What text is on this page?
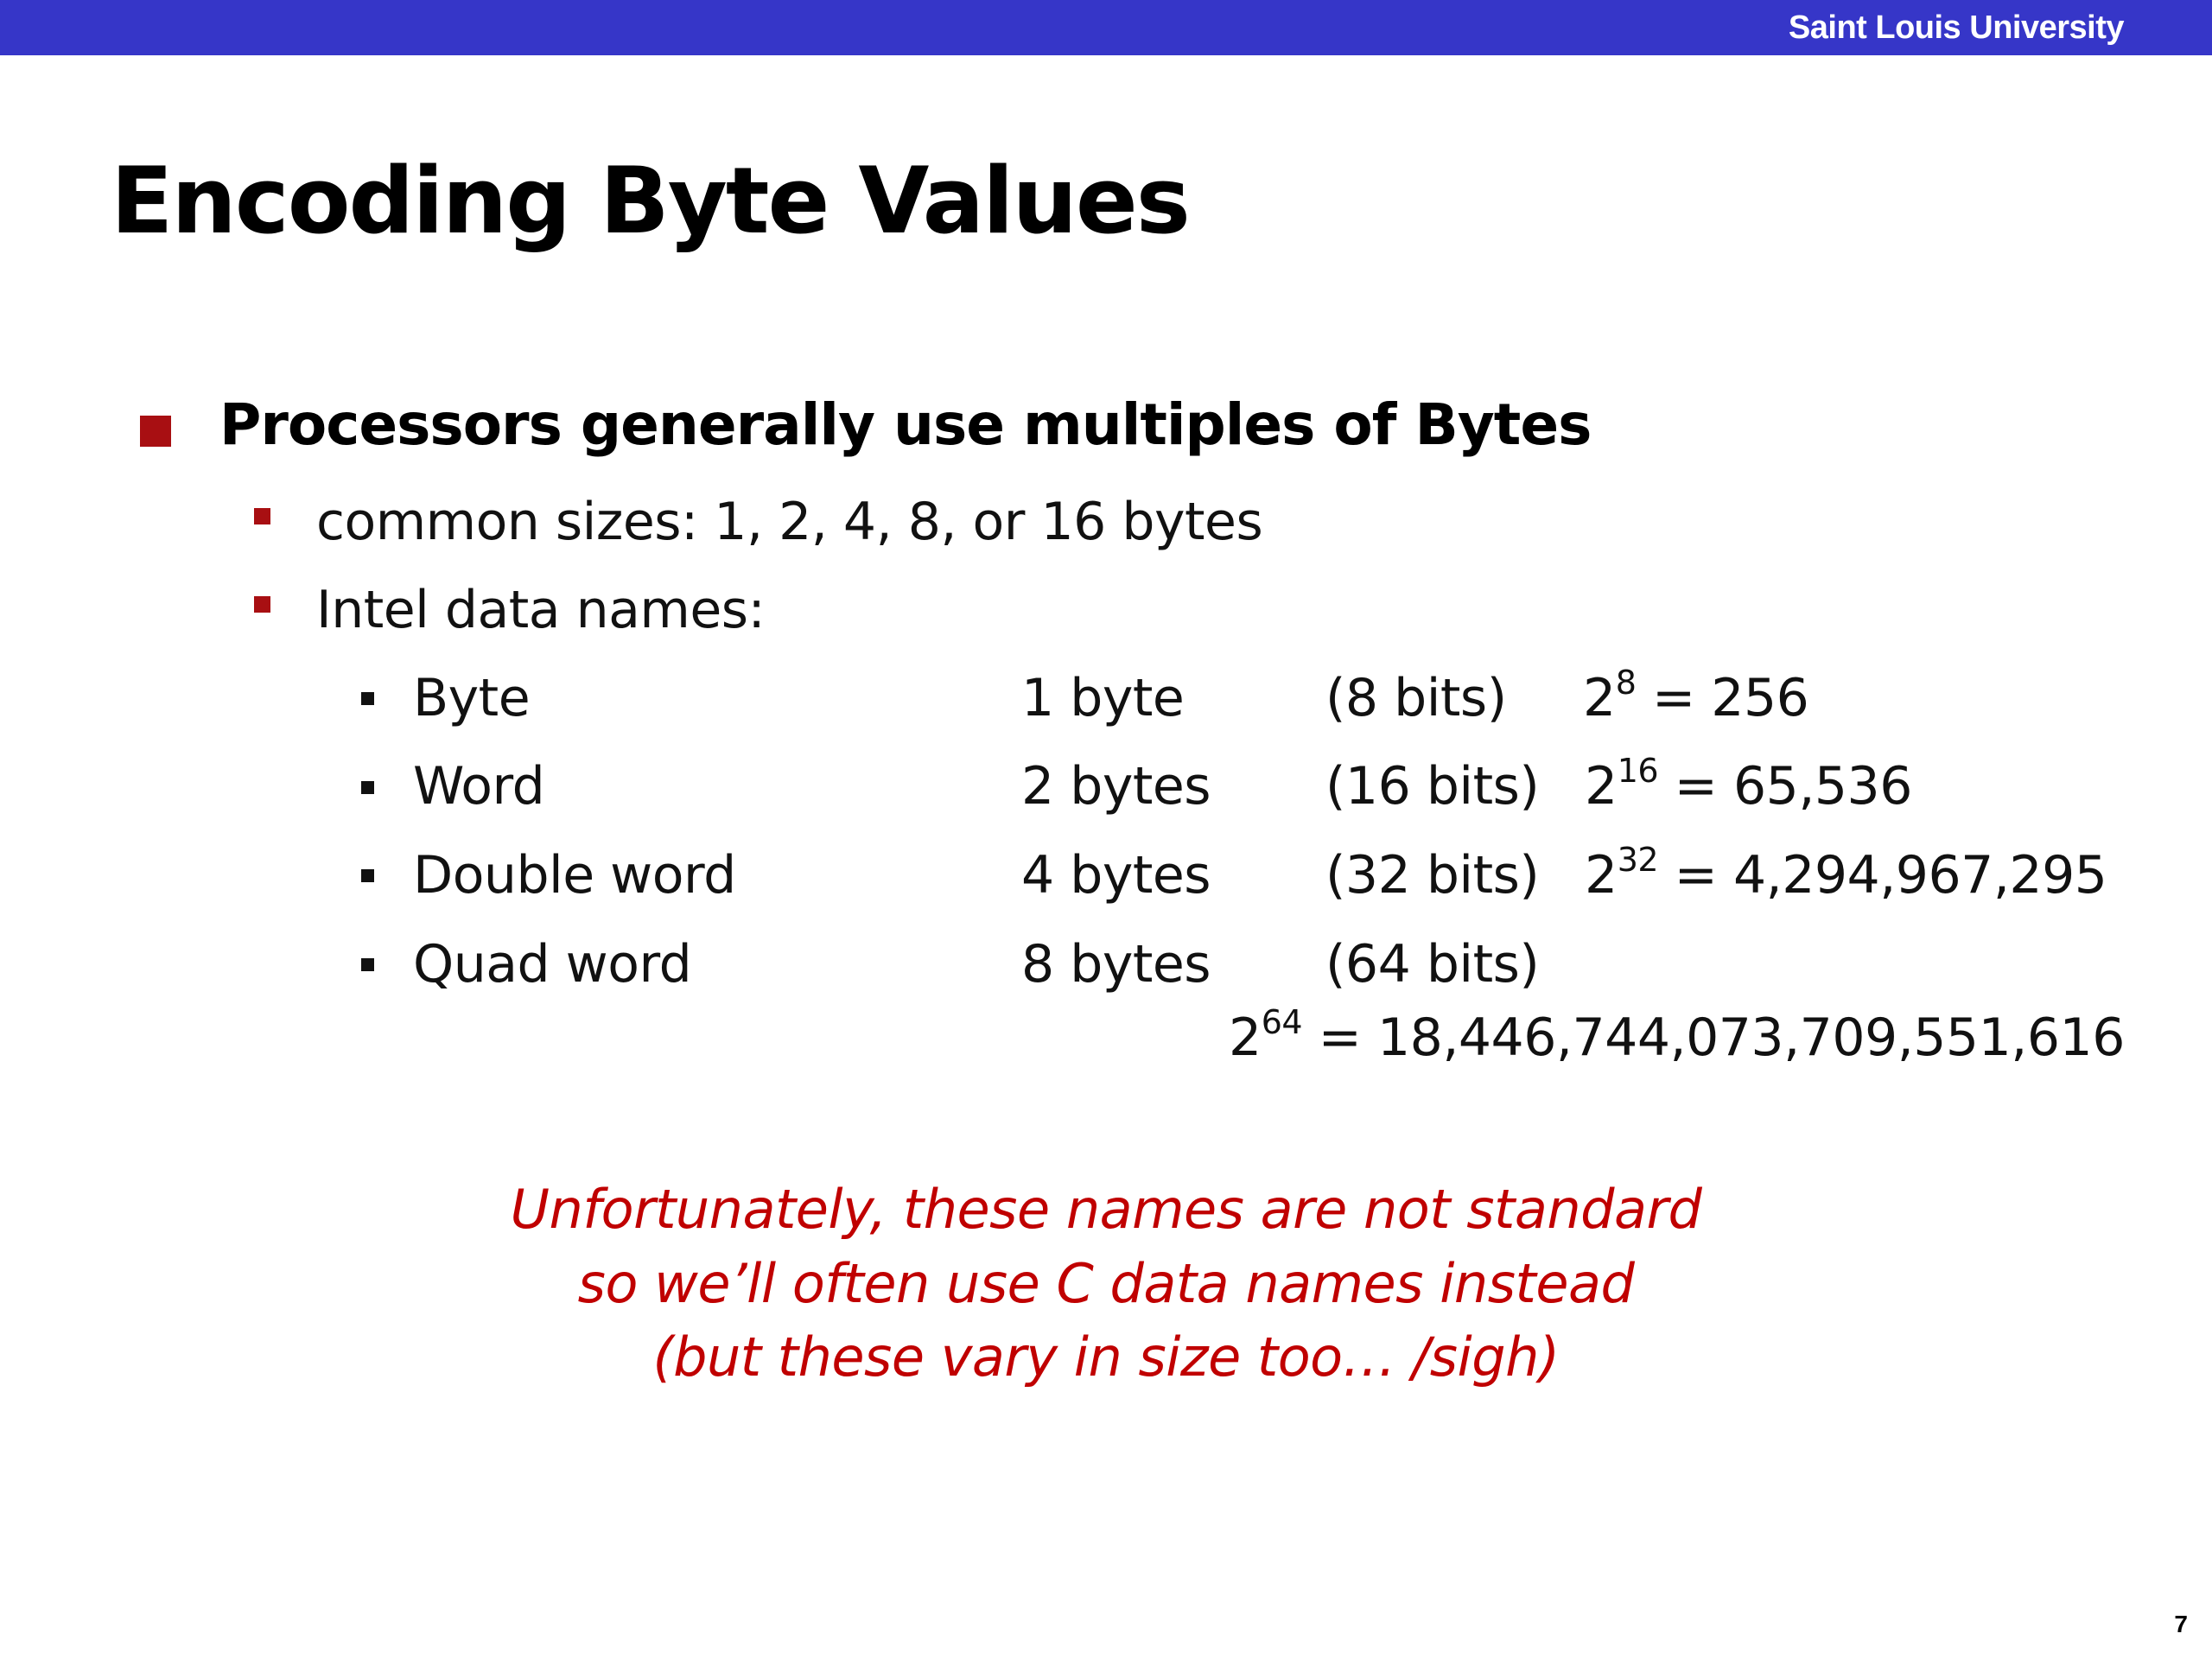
Saint Louis University
Encoding Byte Values
Processors generally use multiples of Bytes
common sizes: 1, 2, 4, 8, or 16 bytes
Intel data names:
Byte	1 byte	(8 bits) $2^8 = 256$
Word	2 bytes (16 bits) $2^{16} = 65,536$
Double word	4 bytes (32 bits) $2^{32} = 4,294,967,295$
Quad word	8 bytes (64 bits)
$2^{64} = 18,446,744,073,709,551,616$
Unfortunately, these names are not standard
so we’ll often use C data names instead
(but these vary in size too… /sigh)
7
